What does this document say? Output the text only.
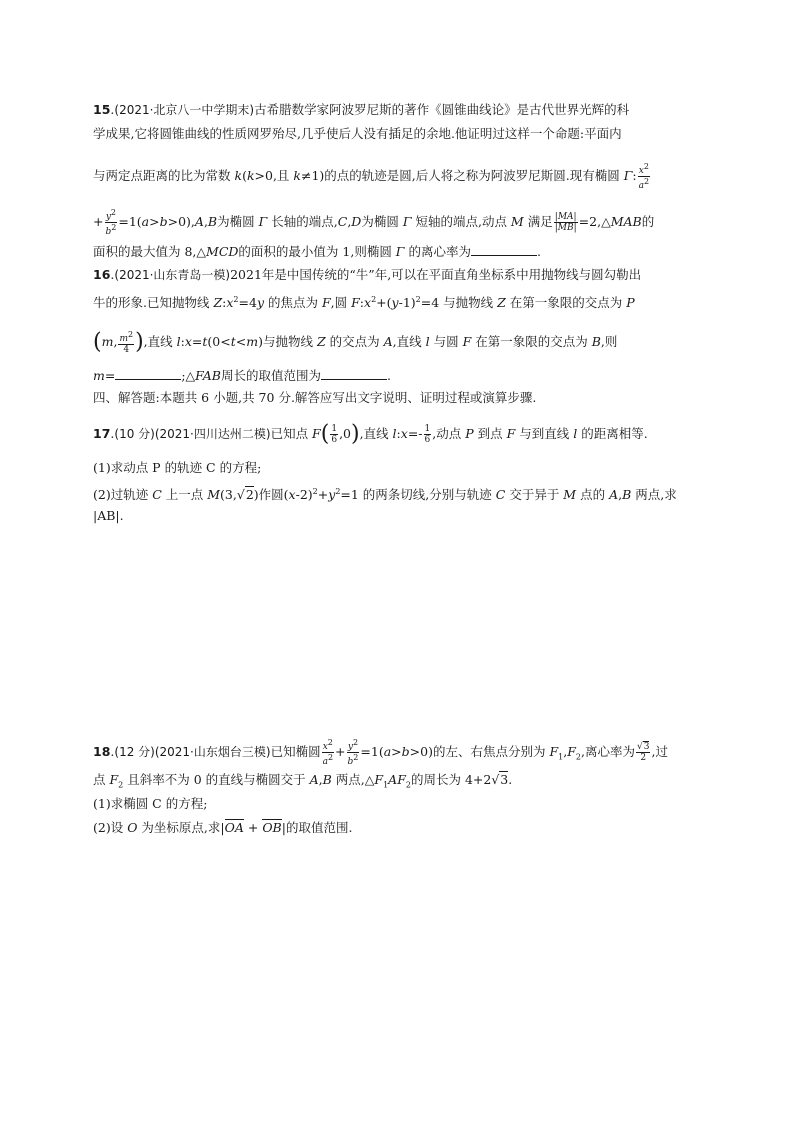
15.(2021·北京八一中学期末)古希腊数学家阿波罗尼斯的著作《圆锥曲线论》是古代世界光辉的科
学成果,它将圆锥曲线的性质网罗殆尽,几乎使后人没有插足的余地.他证明过这样一个命题:平面内
与两定点距离的比为常数 k(k>0,且 k≠1)的点的轨迹是圆,后人将之称为阿波罗尼斯圆.现有椭圆 Γ: $\frac{x^2}{a^2}$
+ $\frac{y^2}{b^2} =1(a>b>0),A,B$为椭圆 Γ 长轴的端点,C,D为椭圆 Γ 短轴的端点,动点 M 满足 $\frac{|MA|}{|MB|}$ =2,△MAB的
面积的最大值为 8,△MCD的面积的最小值为 1,则椭圆 Γ 的离心率为	.
16.(2021·山东青岛一模)2021年是中国传统的“牛”年,可以在平面直角坐标系中用抛物线与圆勾勒出
牛的形象.已知抛物线 $Z:x^2=4y$ 的焦点为 F,圆 $F:x^2+(y-1)^2=4$ 与抛物线 Z 在第一象限的交点为 P
(m, $\frac{m^2}{4}$ ),直线 l:x=t(0<t<m)与抛物线 Z 的交点为 A,直线 l 与圆 F 在第一象限的交点为 B,则
m=	;△FAB周长的取值范围为	.
四、解答题:本题共 6 小题,共 70 分.解答应写出文字说明、证明过程或演算步骤.
17.(10 分)(2021·四川达州二模)已知点 $F( \frac{1}{6} ,0)$,直线 l:x=- $\frac{1}{6}$ ,动点 P 到点 F 与到直线 l 的距离相等.
(1)求动点 P 的轨迹 C 的方程;
(2)过轨迹 C 上一点 M(3,√2)作圆$(x-2)^2+y^2=1$ 的两条切线,分别与轨迹 C 交于异于 M 点的 A,B 两点,求
|AB|.
18.(12 分)(2021·山东烟台三模)已知椭圆 $\frac{x^2}{a^2} + \frac{y^2}{b^2} =1(a>b>0)$的左、右焦点分别为 $F_1,F_2$,离心率为 $\frac{√3}{2}$ ,过
点 $F_2$ 且斜率不为 0 的直线与椭圆交于 A,B 两点$,\triangle F_1AF_2$的周长为 4+2√3.
(1)求椭圆 C 的方程;
(2)设 O 为坐标原点,求|OA + OB|的取值范围.
